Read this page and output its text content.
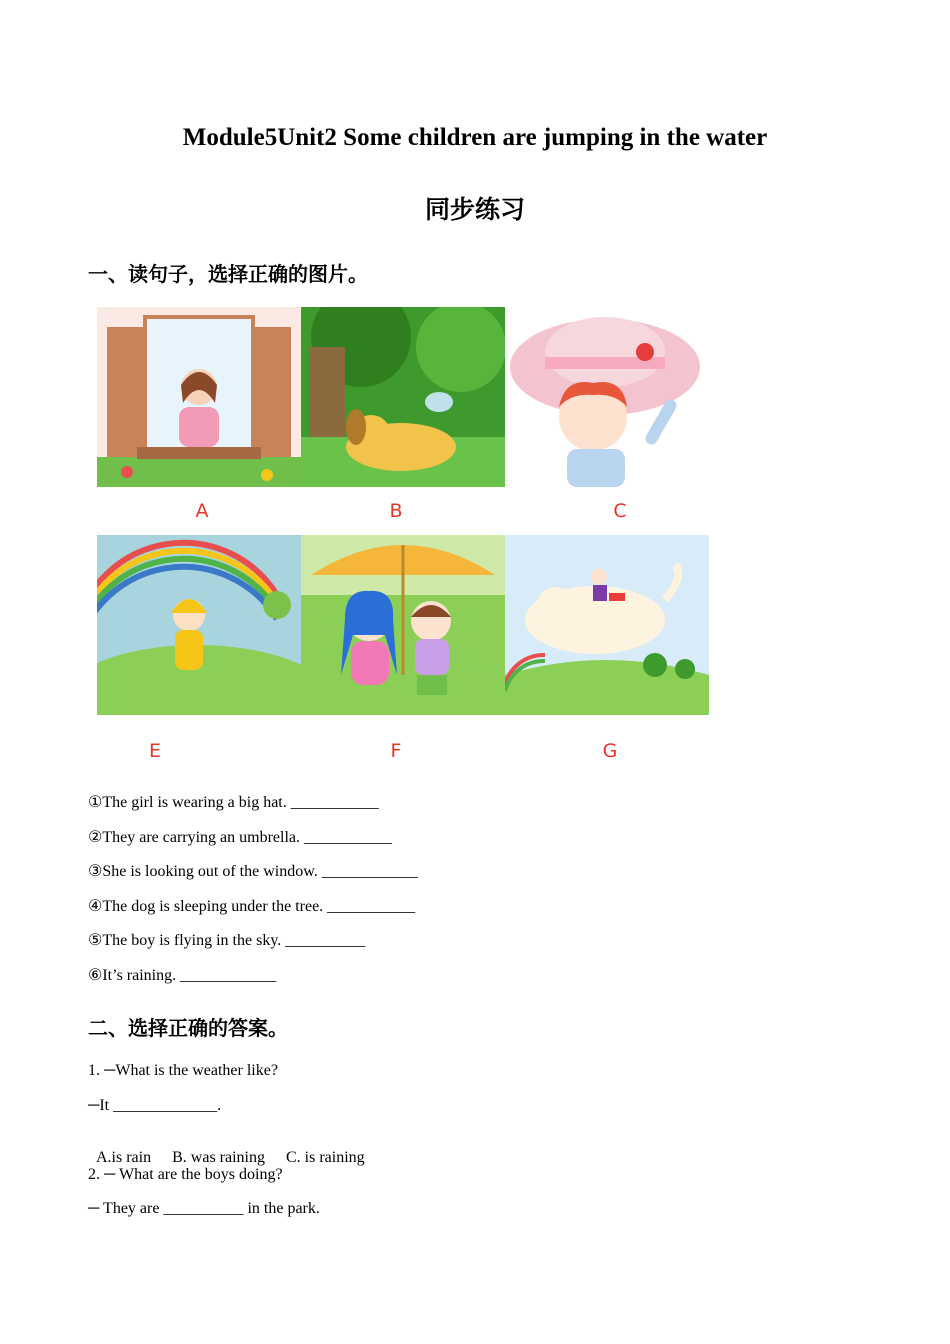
Module5Unit2 Some children are jumping in the water
同步练习
一、读句子，选择正确的图片。
A	B	C
E	F	G
①The girl is wearing a big hat. ___________
②They are carrying an umbrella. ___________
③She is looking out of the window. ____________
④The dog is sleeping under the tree. ___________
⑤The boy is flying in the sky. __________
⑥It’s raining. ____________
二、选择正确的答案。
1. ─What is the weather like?
─It _____________.

A.is rain B. was raining C. is raining

2. ─ What are the boys doing?
─ They are __________ in the park.
